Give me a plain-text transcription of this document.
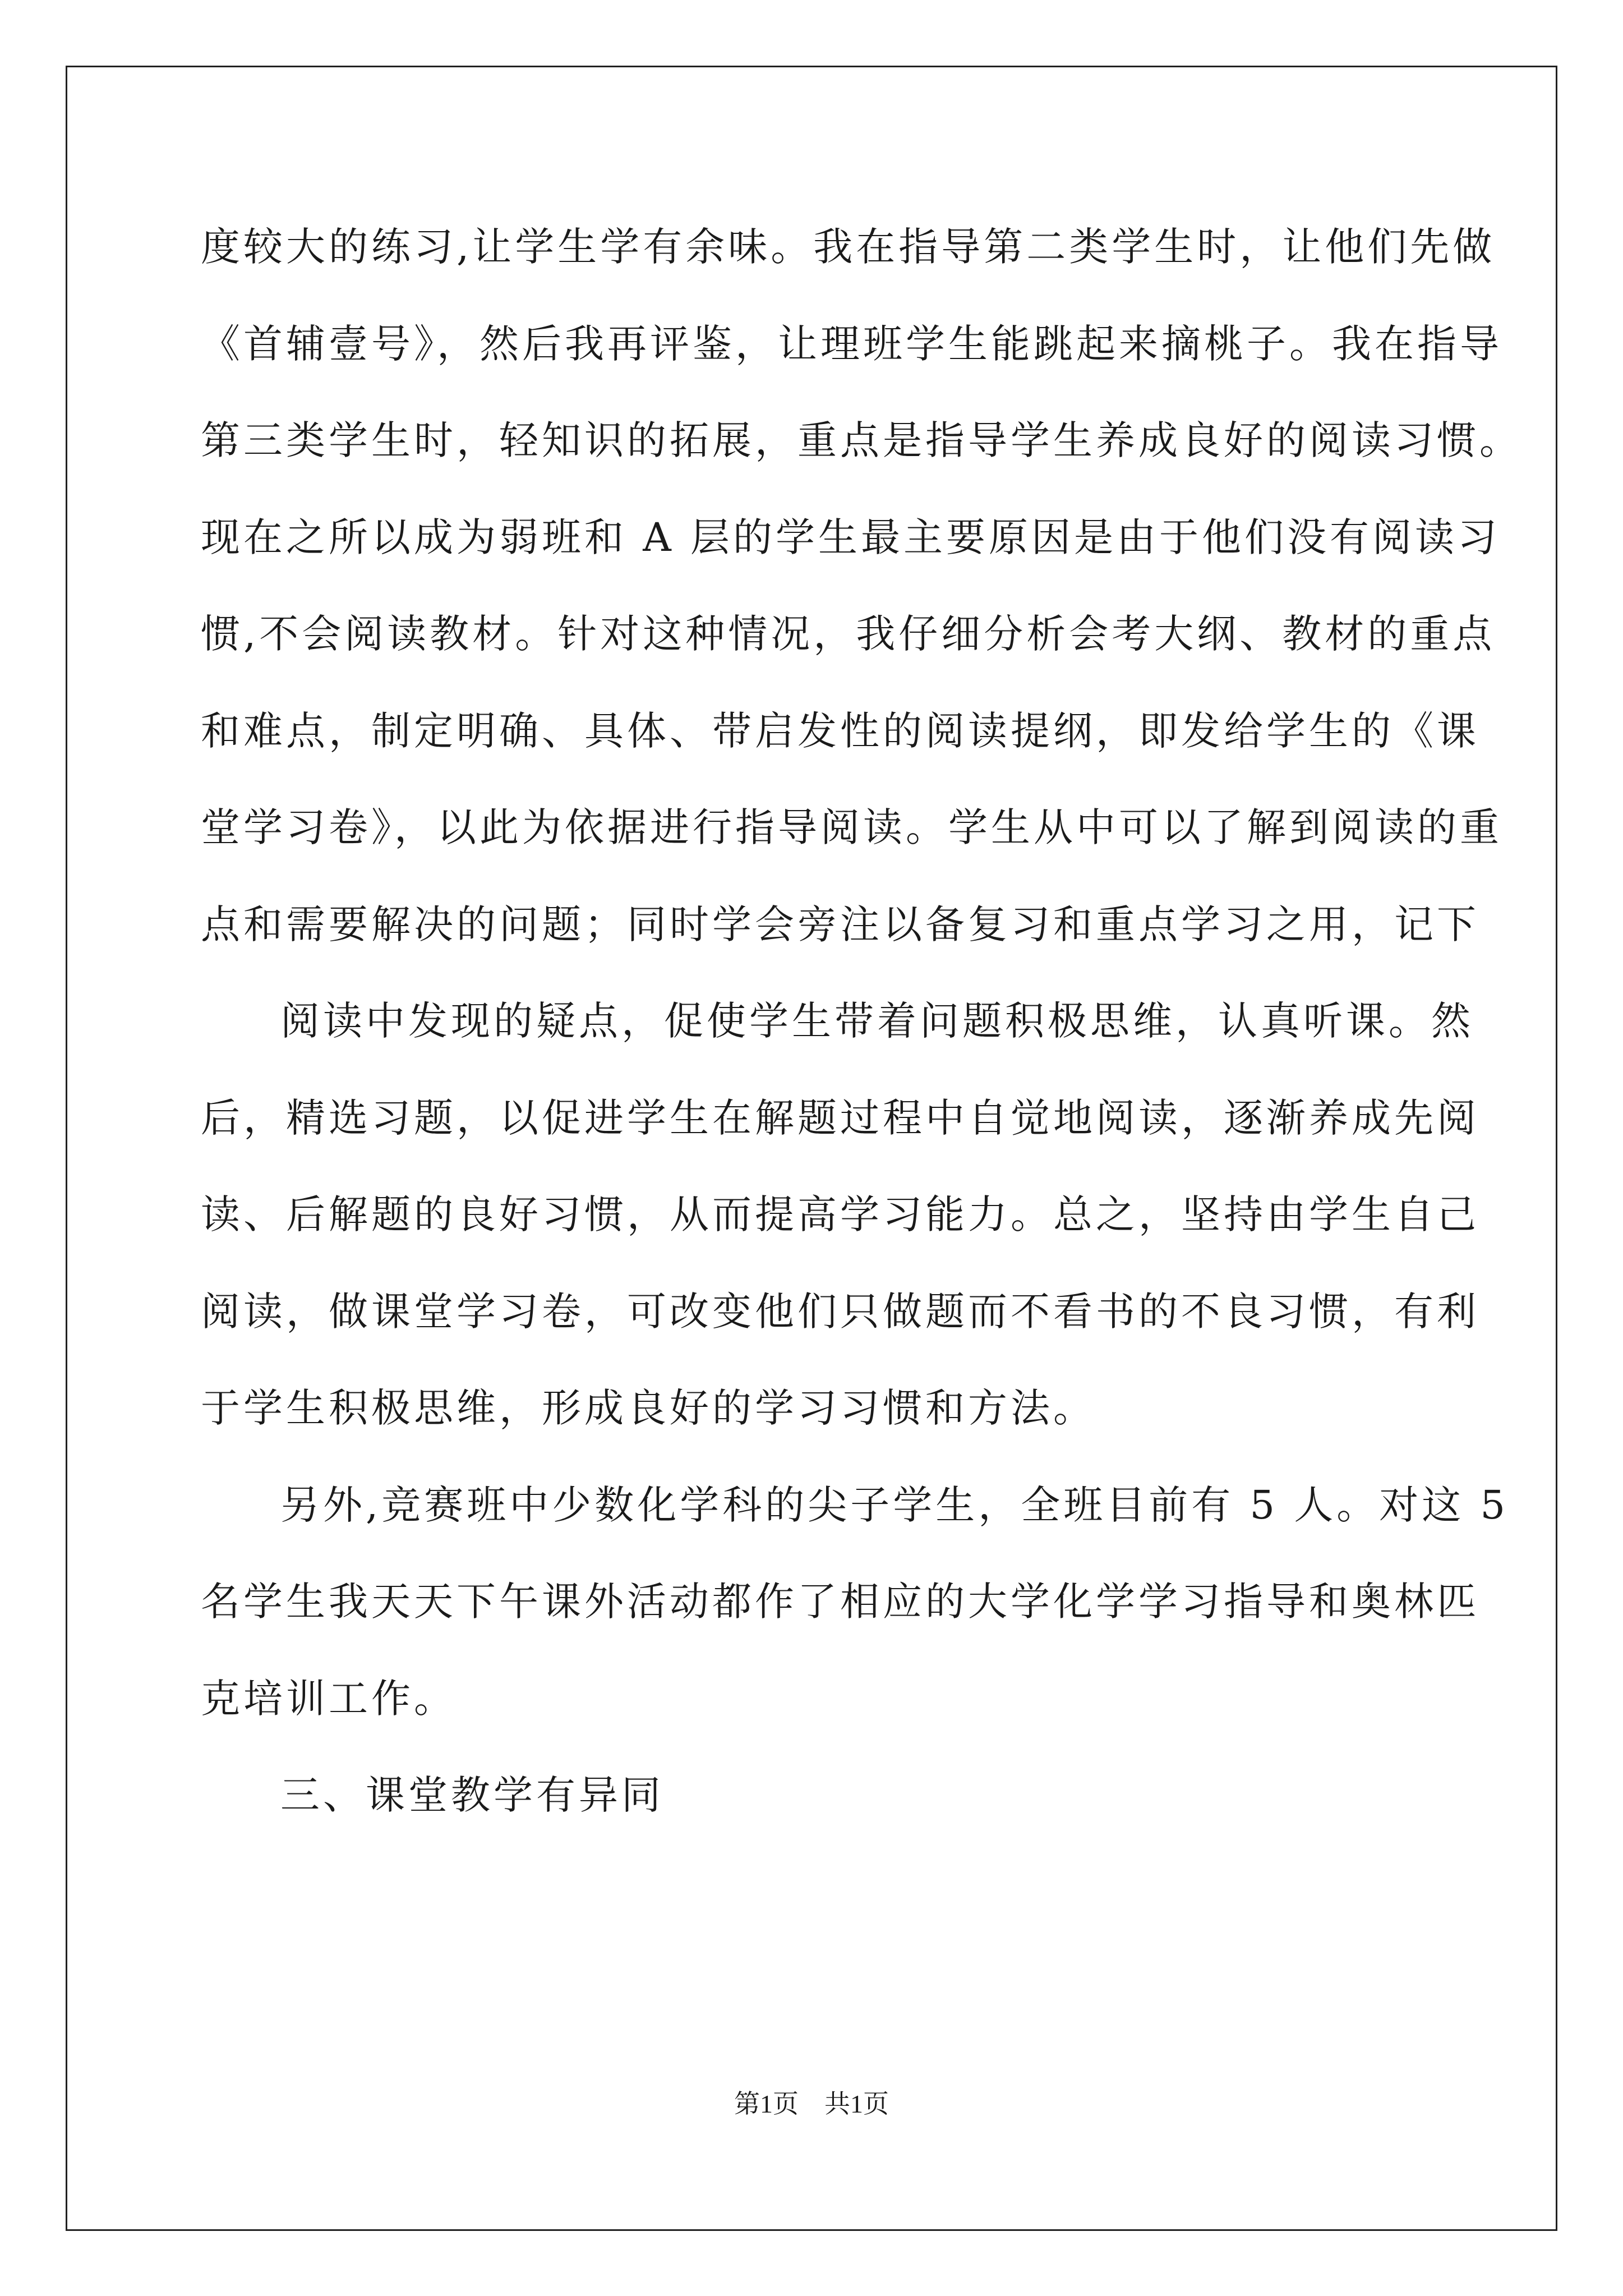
度较大的练习,让学生学有余味。我在指导第二类学生时，让他们先做
《首辅壹号》，然后我再评鉴，让理班学生能跳起来摘桃子。我在指导
第三类学生时，轻知识的拓展，重点是指导学生养成良好的阅读习惯。
现在之所以成为弱班和 A 层的学生最主要原因是由于他们没有阅读习
惯,不会阅读教材。针对这种情况，我仔细分析会考大纲、教材的重点
和难点，制定明确、具体、带启发性的阅读提纲，即发给学生的《课
堂学习卷》，以此为依据进行指导阅读。学生从中可以了解到阅读的重
点和需要解决的问题；同时学会旁注以备复习和重点学习之用，记下
阅读中发现的疑点，促使学生带着问题积极思维，认真听课。然
后，精选习题，以促进学生在解题过程中自觉地阅读，逐渐养成先阅
读、后解题的良好习惯，从而提高学习能力。总之，坚持由学生自己
阅读，做课堂学习卷，可改变他们只做题而不看书的不良习惯，有利
于学生积极思维，形成良好的学习习惯和方法。
另外,竞赛班中少数化学科的尖子学生，全班目前有 5 人。对这 5
名学生我天天下午课外活动都作了相应的大学化学学习指导和奥林匹
克培训工作。
三、课堂教学有异同
第1页　共1页
